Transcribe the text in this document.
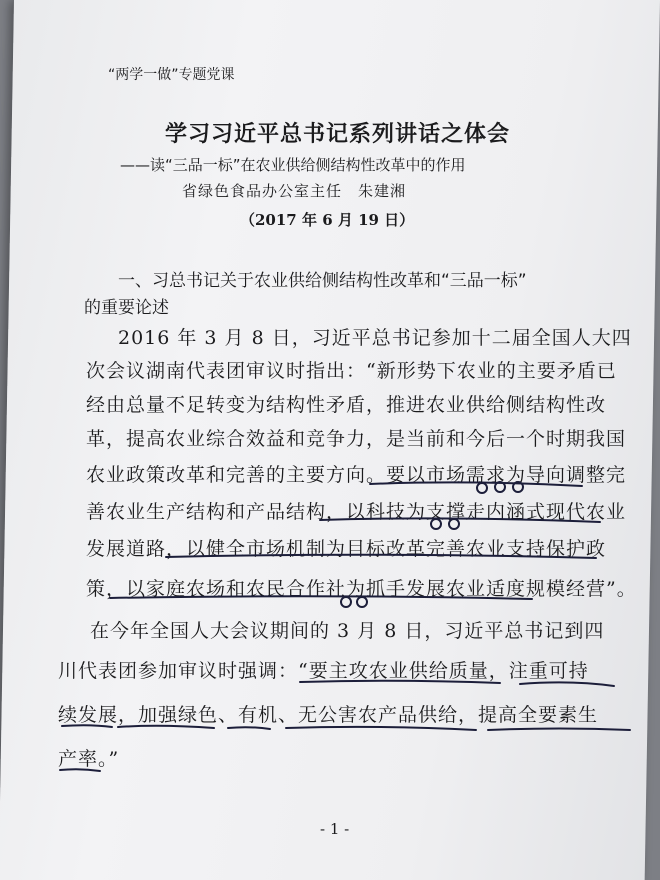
“两学一做”专题党课
学习习近平总书记系列讲话之体会
——读“三品一标”在农业供给侧结构性改革中的作用
省绿色食品办公室主任　朱建湘
（2017 年 6 月 19 日）
一、习总书记关于农业供给侧结构性改革和“三品一标”
的重要论述
2016 年 3 月 8 日，习近平总书记参加十二届全国人大四
次会议湖南代表团审议时指出：“新形势下农业的主要矛盾已
经由总量不足转变为结构性矛盾，推进农业供给侧结构性改
革，提高农业综合效益和竞争力，是当前和今后一个时期我国
农业政策改革和完善的主要方向。要以市场需求为导向调整完
善农业生产结构和产品结构，以科技为支撑走内涵式现代农业
发展道路，以健全市场机制为目标改革完善农业支持保护政
策，以家庭农场和农民合作社为抓手发展农业适度规模经营”。
在今年全国人大会议期间的 3 月 8 日，习近平总书记到四
川代表团参加审议时强调：“要主攻农业供给质量，注重可持
续发展，加强绿色、有机、无公害农产品供给，提高全要素生
产率。”
- 1 -
